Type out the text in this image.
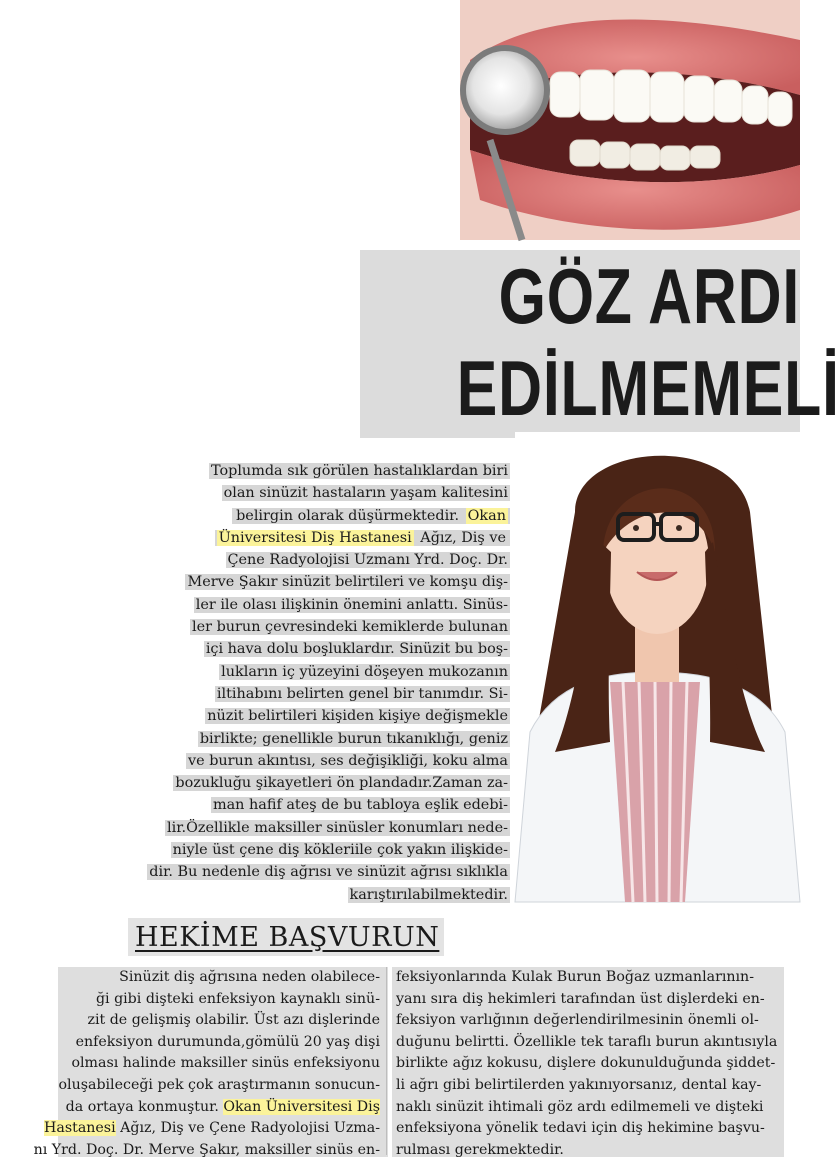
GÖZ ARDI
EDİLMEMELİ
Toplumda sık görülen hastalıklardan biri
olan sinüzit hastaların yaşam kalitesini
belirgin olarak düşürmektedir. Okan
Üniversitesi Diş Hastanesi Ağız, Diş ve
Çene Radyolojisi Uzmanı Yrd. Doç. Dr.
Merve Şakır sinüzit belirtileri ve komşu diş-
ler ile olası ilişkinin önemini anlattı. Sinüs-
ler burun çevresindeki kemiklerde bulunan
içi hava dolu boşluklardır. Sinüzit bu boş-
lukların iç yüzeyini döşeyen mukozanın
iltihabını belirten genel bir tanımdır. Si-
nüzit belirtileri kişiden kişiye değişmekle
birlikte; genellikle burun tıkanıklığı, geniz
ve burun akıntısı, ses değişikliği, koku alma
bozukluğu şikayetleri ön plandadır.Zaman za-
man hafif ateş de bu tabloya eşlik edebi-
lir.Özellikle maksiller sinüsler konumları nede-
niyle üst çene diş kökleriile çok yakın ilişkide-
dir. Bu nedenle diş ağrısı ve sinüzit ağrısı sıklıkla
karıştırılabilmektedir.
HEKİME BAŞVURUN
Sinüzit diş ağrısına neden olabilece-
ği gibi dişteki enfeksiyon kaynaklı sinü-
zit de gelişmiş olabilir. Üst azı dişlerinde
enfeksiyon durumunda,gömülü 20 yaş dişi
olması halinde maksiller sinüs enfeksiyonu
oluşabileceği pek çok araştırmanın sonucun-
da ortaya konmuştur. Okan Üniversitesi Diş
Hastanesi Ağız, Diş ve Çene Radyolojisi Uzma-
nı Yrd. Doç. Dr. Merve Şakır, maksiller sinüs en-
feksiyonlarında Kulak Burun Boğaz uzmanlarının-
yanı sıra diş hekimleri tarafından üst dişlerdeki en-
feksiyon varlığının değerlendirilmesinin önemli ol-
duğunu belirtti. Özellikle tek taraflı burun akıntısıyla
birlikte ağız kokusu, dişlere dokunulduğunda şiddet-
li ağrı gibi belirtilerden yakınıyorsanız, dental kay-
naklı sinüzit ihtimali göz ardı edilmemeli ve dişteki
enfeksiyona yönelik tedavi için diş hekimine başvu-
rulması gerekmektedir.
